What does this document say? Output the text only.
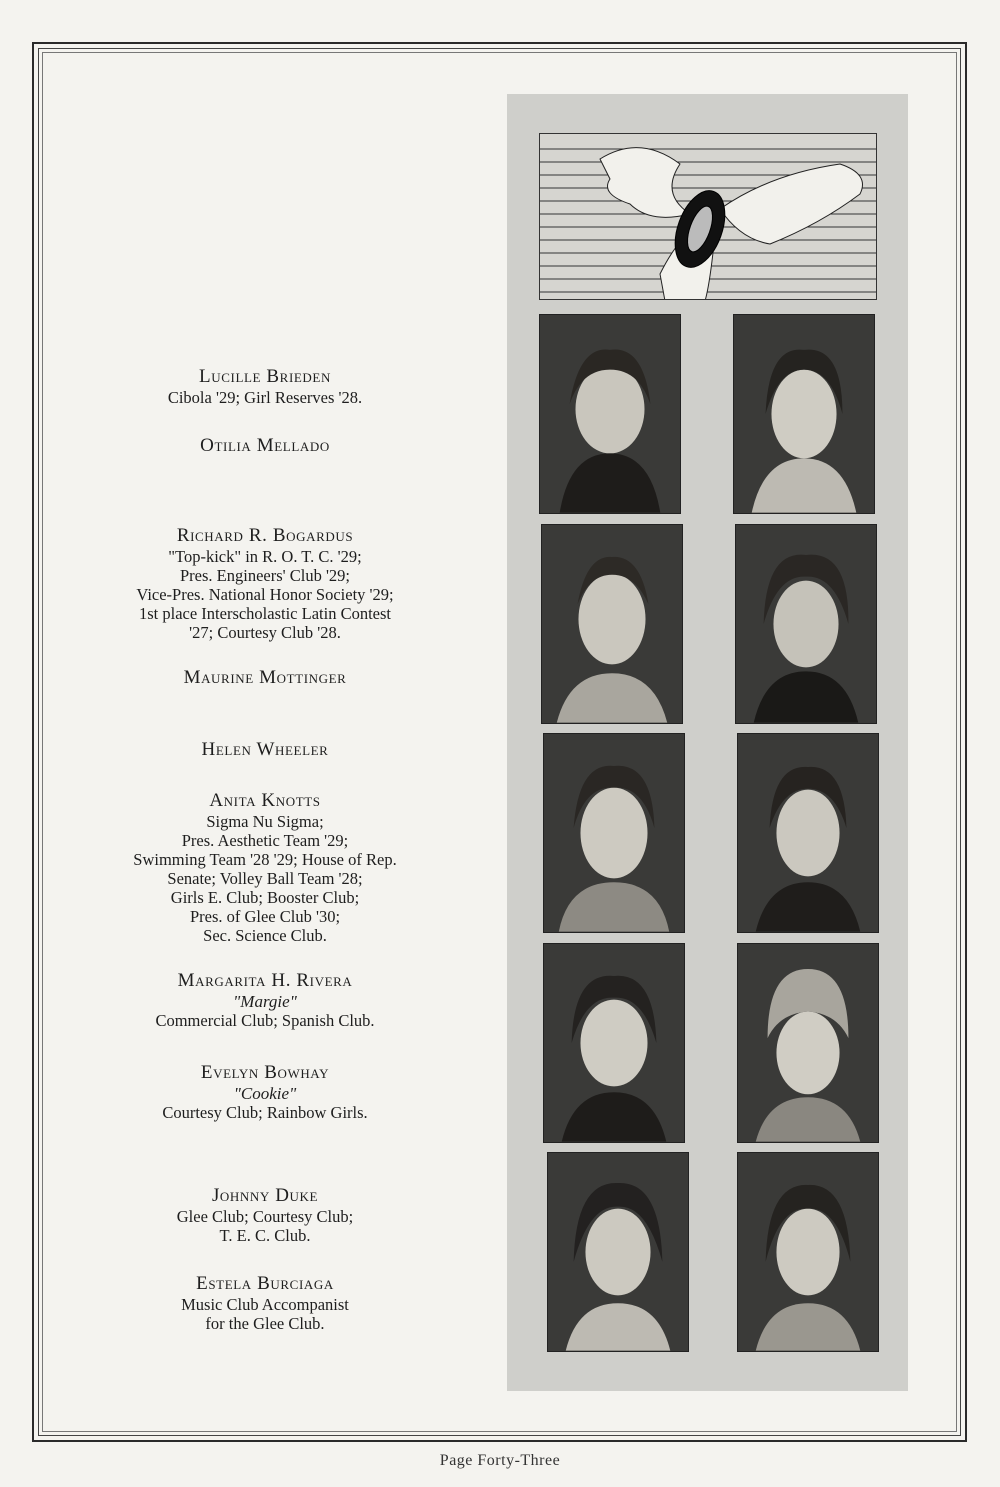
Lucille Brieden
Cibola '29; Girl Reserves '28.
Otilia Mellado
Richard R. Bogardus
"Top-kick" in R. O. T. C. '29;
Pres. Engineers' Club '29;
Vice-Pres. National Honor Society '29;
1st place Interscholastic Latin Contest
'27; Courtesy Club '28.
Maurine Mottinger
Helen Wheeler
Anita Knotts
Sigma Nu Sigma;
Pres. Aesthetic Team '29;
Swimming Team '28 '29; House of Rep.
Senate; Volley Ball Team '28;
Girls E. Club; Booster Club;
Pres. of Glee Club '30;
Sec. Science Club.
Margarita H. Rivera
"Margie"
Commercial Club; Spanish Club.
Evelyn Bowhay
"Cookie"
Courtesy Club; Rainbow Girls.
Johnny Duke
Glee Club; Courtesy Club;
T. E. C. Club.
Estela Burciaga
Music Club Accompanist
for the Glee Club.
Page Forty-Three
